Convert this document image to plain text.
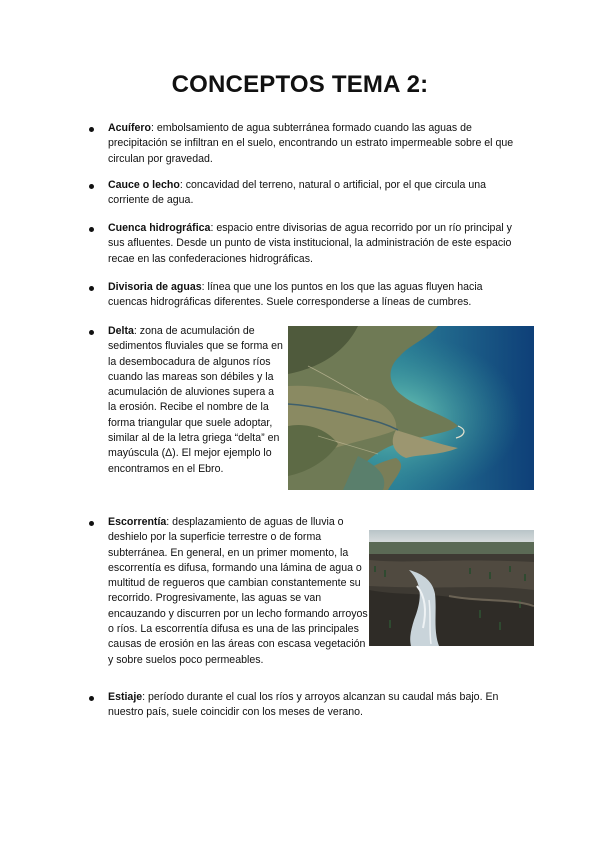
CONCEPTOS TEMA 2:
Acuífero: embolsamiento de agua subterránea formado cuando las aguas de precipitación se infiltran en el suelo, encontrando un estrato impermeable sobre el que circulan por gravedad.
Cauce o lecho: concavidad del terreno, natural o artificial, por el que circula una corriente de agua.
Cuenca hidrográfica: espacio entre divisorias de agua recorrido por un río principal y sus afluentes. Desde un punto de vista institucional, la administración de este espacio recae en las confederaciones hidrográficas.
Divisoria de aguas: línea que une los puntos en los que las aguas fluyen hacia cuencas hidrográficas diferentes. Suele corresponderse a líneas de cumbres.
Delta: zona de acumulación de sedimentos fluviales que se forma en la desembocadura de algunos ríos cuando las mareas son débiles y la acumulación de aluviones supera a la erosión. Recibe el nombre de la forma triangular que suele adoptar, similar al de la letra griega “delta” en mayúscula (Δ). El mejor ejemplo lo encontramos en el Ebro.
Escorrentía: desplazamiento de aguas de lluvia o deshielo por la superficie terrestre o de forma subterránea. En general, en un primer momento, la escorrentía es difusa, formando una lámina de agua o multitud de regueros que cambian constantemente su recorrido. Progresivamente, las aguas se van encauzando y discurren por un lecho formando arroyos o ríos. La escorrentía difusa es una de las principales causas de erosión en las áreas con escasa vegetación y sobre suelos poco permeables.
Estiaje: período durante el cual los ríos y arroyos alcanzan su caudal más bajo. En nuestro país, suele coincidir con los meses de verano.
